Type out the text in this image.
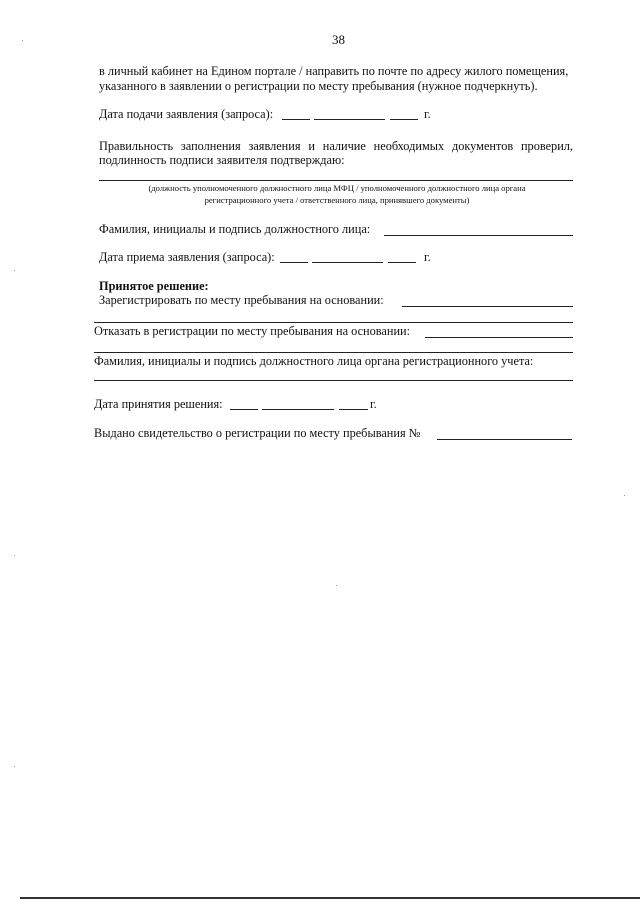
38
в личный кабинет на Едином портале / направить по почте по адресу жилого помещения,
указанного в заявлении о регистрации по месту пребывания (нужное подчеркнуть).
Дата подачи заявления (запроса):	г.
Правильность заполнения заявления и наличие необходимых документов проверил,
подлинность подписи заявителя подтверждаю:
(должность уполномоченного должностного лица МФЦ / уполномоченного должностного лица органа
регистрационного учета / ответственного лица, принявшего документы)
Фамилия, инициалы и подпись должностного лица:
Дата приема заявления (запроса):	г.
Принятое решение:
Зарегистрировать по месту пребывания на основании:
Отказать в регистрации по месту пребывания на основании:
Фамилия, инициалы и подпись должностного лица органа регистрационного учета:
Дата принятия решения:	г.
Выдано свидетельство о регистрации по месту пребывания №
